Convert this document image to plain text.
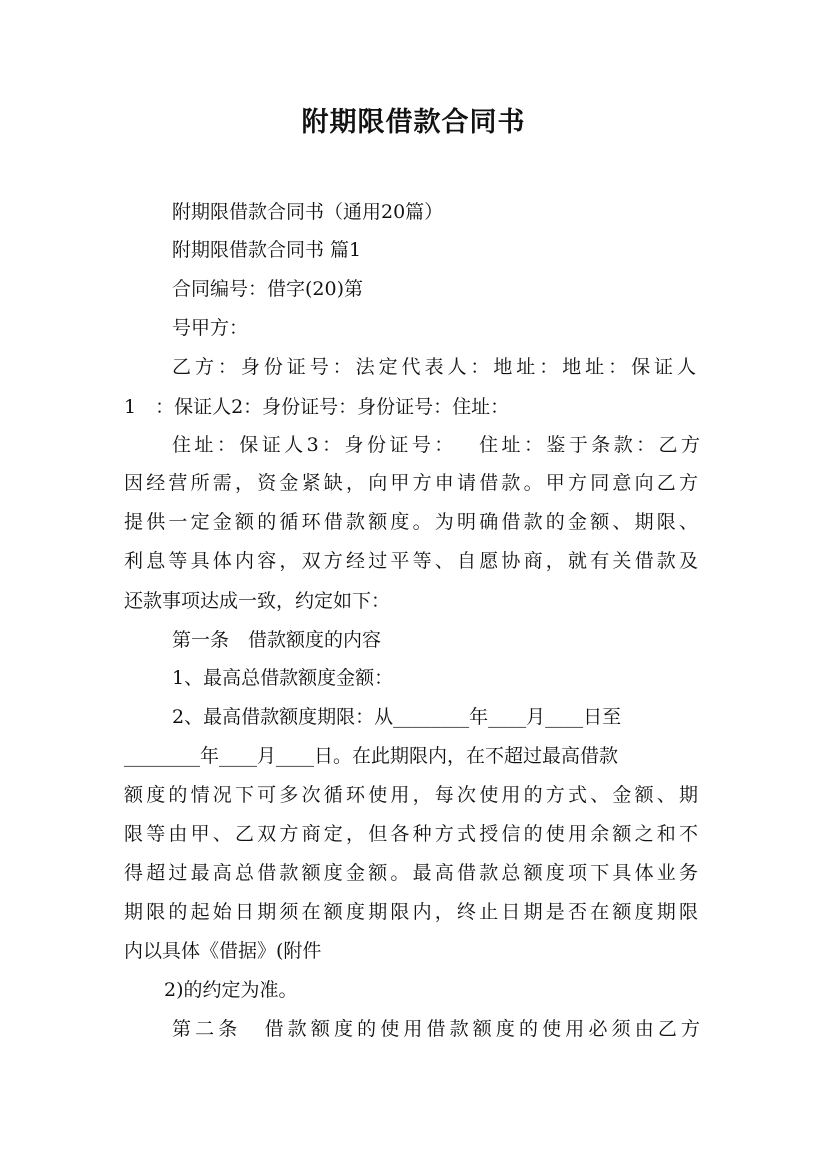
附期限借款合同书

附期限借款合同书（通用20篇）

附期限借款合同书 篇1

合同编号：借字(20)第

号甲方：

乙方：身份证号：法定代表人：地址：地址：保证人

1　：保证人2：身份证号：身份证号：住址：

住址：保证人3：身份证号：　 住址：鉴于条款：乙方

因经营所需，资金紧缺，向甲方申请借款。甲方同意向乙方

提供一定金额的循环借款额度。为明确借款的金额、期限、

利息等具体内容，双方经过平等、自愿协商，就有关借款及

还款事项达成一致，约定如下：

第一条　借款额度的内容

1、最高总借款额度金额：

2、最高借款额度期限：从________年____月____日至

________年____月____日。在此期限内，在不超过最高借款

额度的情况下可多次循环使用，每次使用的方式、金额、期

限等由甲、乙双方商定，但各种方式授信的使用余额之和不

得超过最高总借款额度金额。最高借款总额度项下具体业务

期限的起始日期须在额度期限内，终止日期是否在额度期限

内以具体《借据》(附件

2)的约定为准。

第二条　借款额度的使用借款额度的使用必须由乙方
